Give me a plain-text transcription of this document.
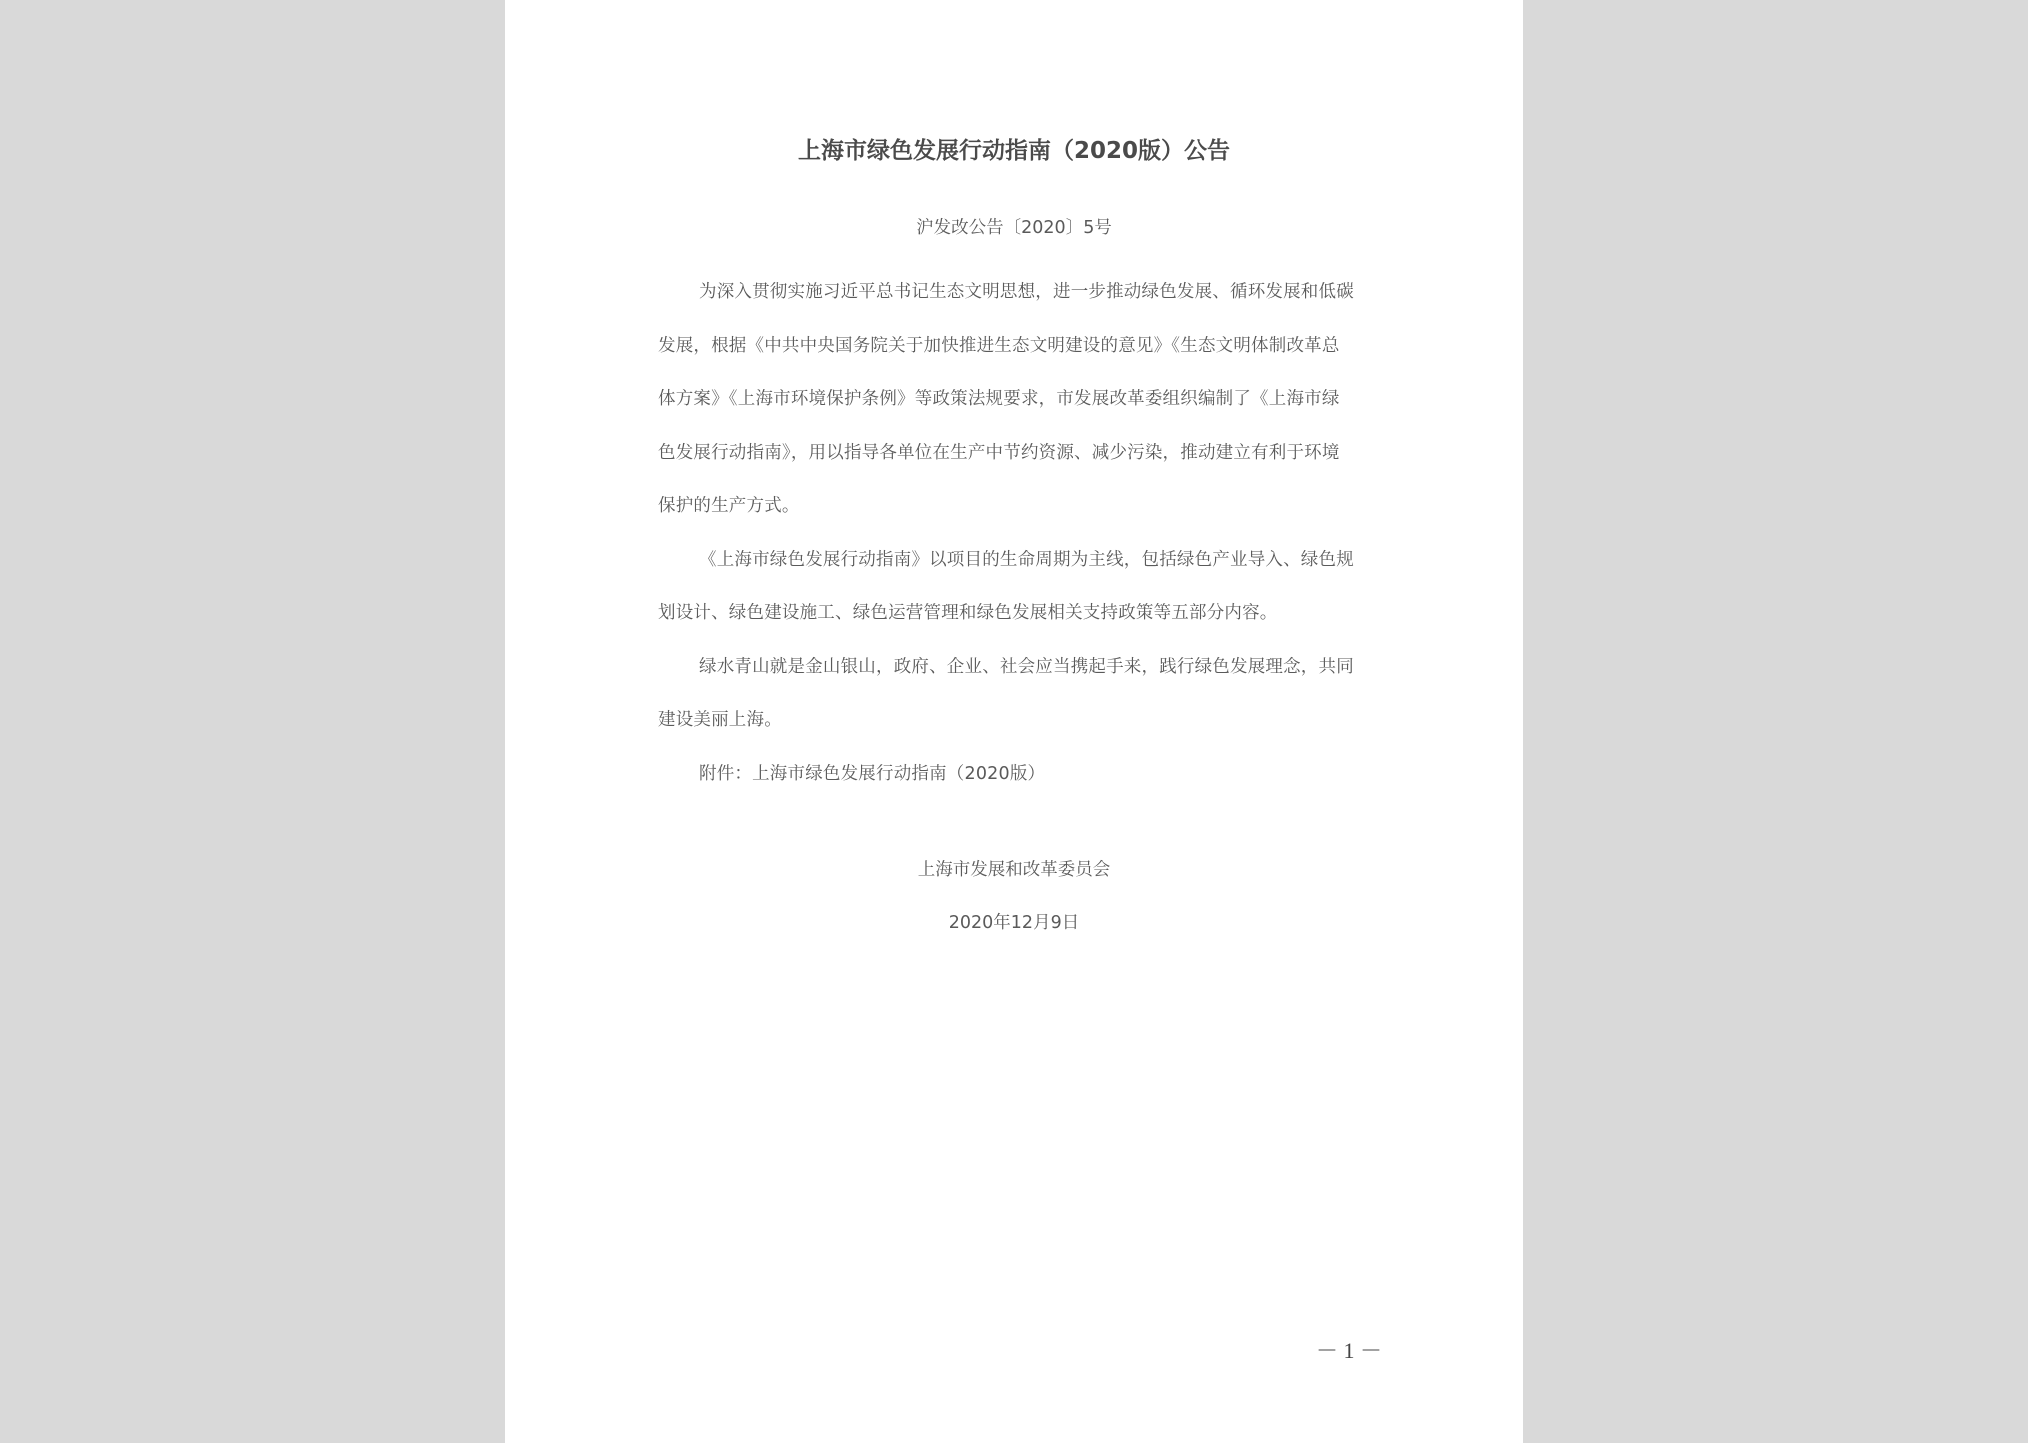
上海市绿色发展行动指南（2020版）公告
沪发改公告〔2020〕5号

为深入贯彻实施习近平总书记生态文明思想，进一步推动绿色发展、循环发展和低碳
发展，根据《中共中央国务院关于加快推进生态文明建设的意见》《生态文明体制改革总
体方案》《上海市环境保护条例》等政策法规要求，市发展改革委组织编制了《上海市绿
色发展行动指南》，用以指导各单位在生产中节约资源、减少污染，推动建立有利于环境
保护的生产方式。

《上海市绿色发展行动指南》以项目的生命周期为主线，包括绿色产业导入、绿色规
划设计、绿色建设施工、绿色运营管理和绿色发展相关支持政策等五部分内容。

绿水青山就是金山银山，政府、企业、社会应当携起手来，践行绿色发展理念，共同
建设美丽上海。

附件：上海市绿色发展行动指南（2020版）

上海市发展和改革委员会
2020年12月9日
－ 1 －
